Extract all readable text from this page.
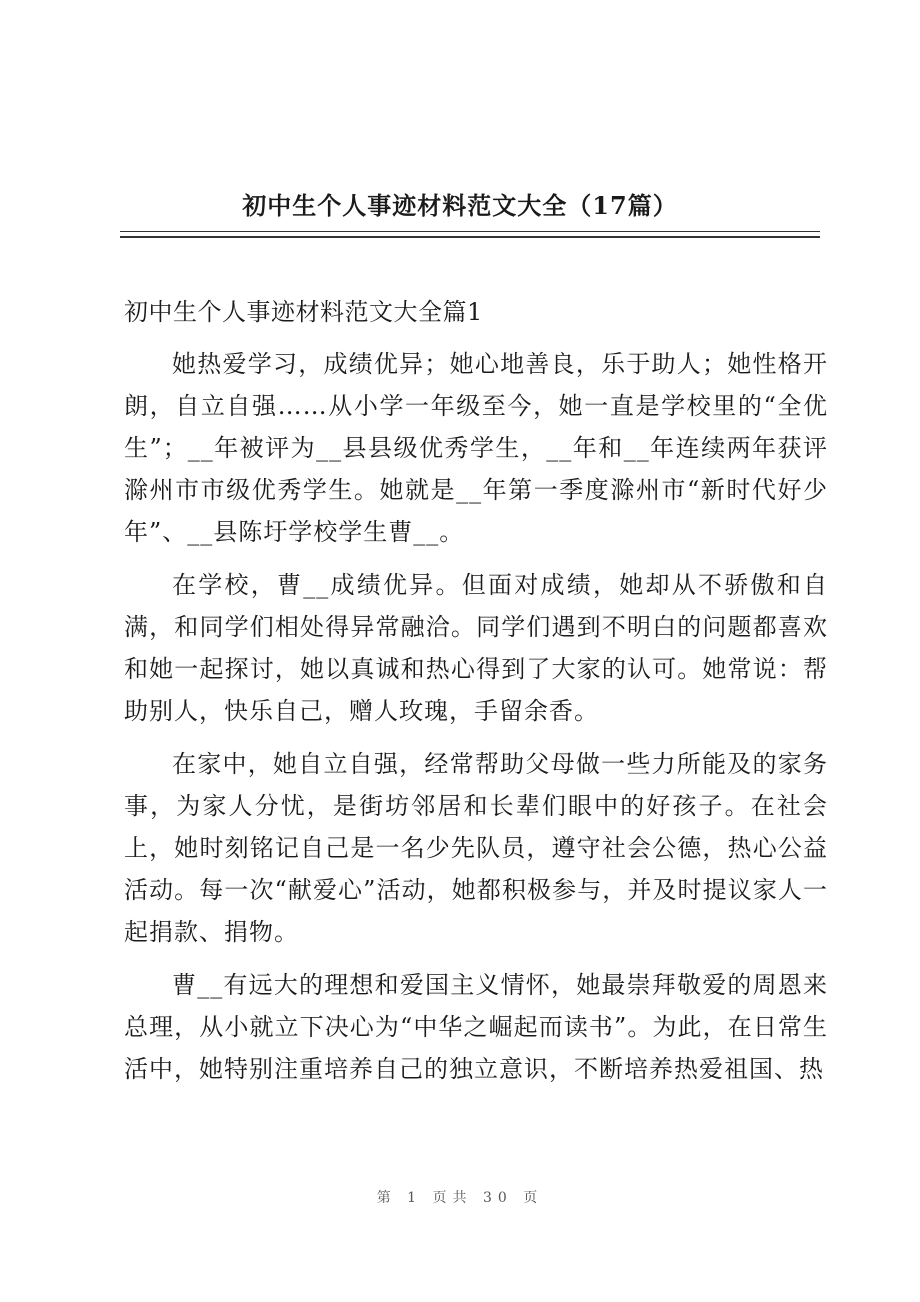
初中生个人事迹材料范文大全（17篇）

初中生个人事迹材料范文大全篇1

她热爱学习，成绩优异；她心地善良，乐于助人；她性格开朗，自立自强……从小学一年级至今，她一直是学校里的“全优生”；__年被评为__县县级优秀学生，__年和__年连续两年获评滁州市市级优秀学生。她就是__年第一季度滁州市“新时代好少年”、__县陈圩学校学生曹__。

在学校，曹__成绩优异。但面对成绩，她却从不骄傲和自满，和同学们相处得异常融洽。同学们遇到不明白的问题都喜欢和她一起探讨，她以真诚和热心得到了大家的认可。她常说：帮助别人，快乐自己，赠人玫瑰，手留余香。

在家中，她自立自强，经常帮助父母做一些力所能及的家务事，为家人分忧，是街坊邻居和长辈们眼中的好孩子。在社会上，她时刻铭记自己是一名少先队员，遵守社会公德，热心公益活动。每一次“献爱心”活动，她都积极参与，并及时提议家人一起捐款、捐物。

曹__有远大的理想和爱国主义情怀，她最崇拜敬爱的周恩来总理，从小就立下决心为“中华之崛起而读书”。为此，在日常生活中，她特别注重培养自己的独立意识，不断培养热爱祖国、热

第 1 页共 30 页
